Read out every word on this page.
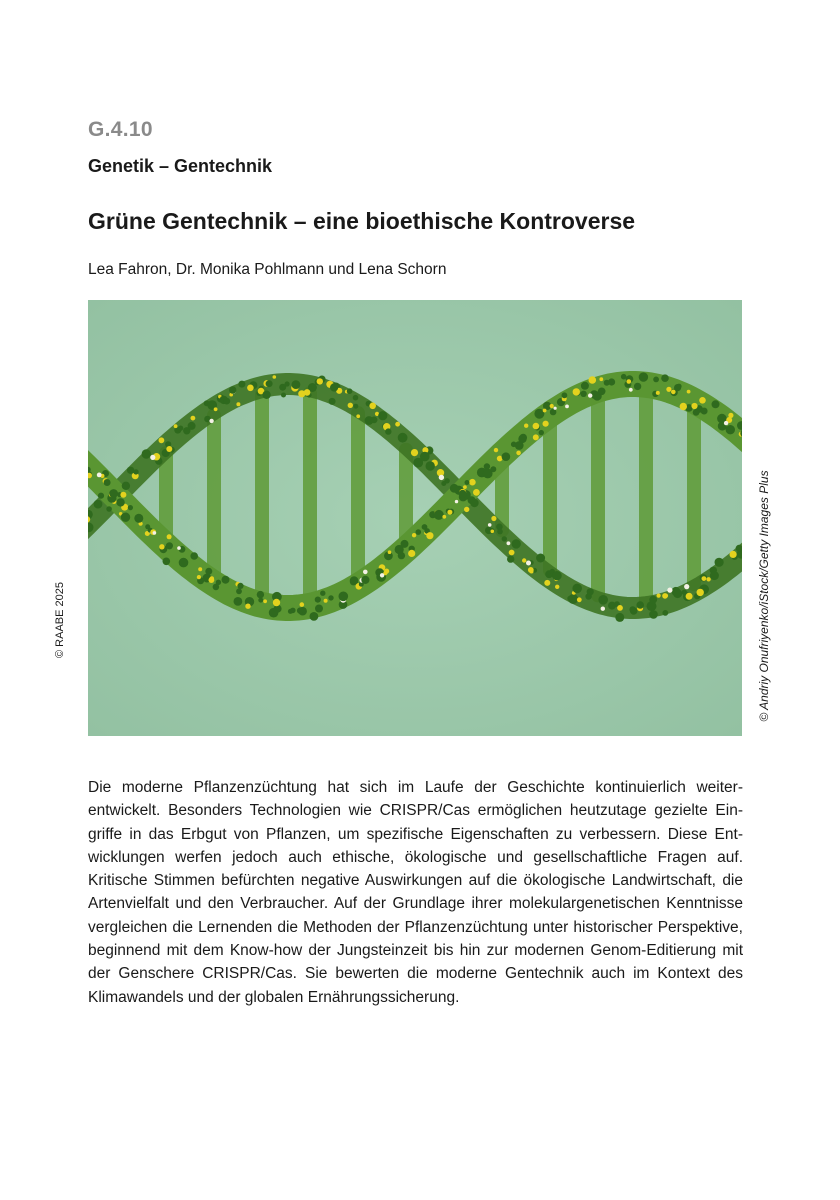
G.4.10
Genetik – Gentechnik
Grüne Gentechnik – eine bioethische Kontroverse
Lea Fahron, Dr. Monika Pohlmann und Lena Schorn
© RAABE 2025	© Andriy Onufriyenko/iStock/Getty Images Plus

Die moderne Pflanzenzüchtung hat sich im Laufe der Geschichte kontinuierlich weiterentwickelt. Besonders Technologien wie CRISPR/Cas ermöglichen heutzutage gezielte Eingriffe in das Erbgut von Pflanzen, um spezifische Eigenschaften zu verbessern. Diese Entwicklungen werfen jedoch auch ethische, ökologische und gesellschaftliche Fragen auf. Kritische Stimmen befürchten negative Auswirkungen auf die ökologische Landwirtschaft, die Artenvielfalt und den Verbraucher. Auf der Grundlage ihrer molekulargenetischen Kenntnisse vergleichen die Lernenden die Methoden der Pflanzenzüchtung unter historischer Perspektive, beginnend mit dem Know-how der Jungsteinzeit bis hin zur modernen Genom-Editierung mit der Genschere CRISPR/Cas. Sie bewerten die moderne Gentechnik auch im Kontext des Klimawandels und der globalen Ernährungssicherung.
